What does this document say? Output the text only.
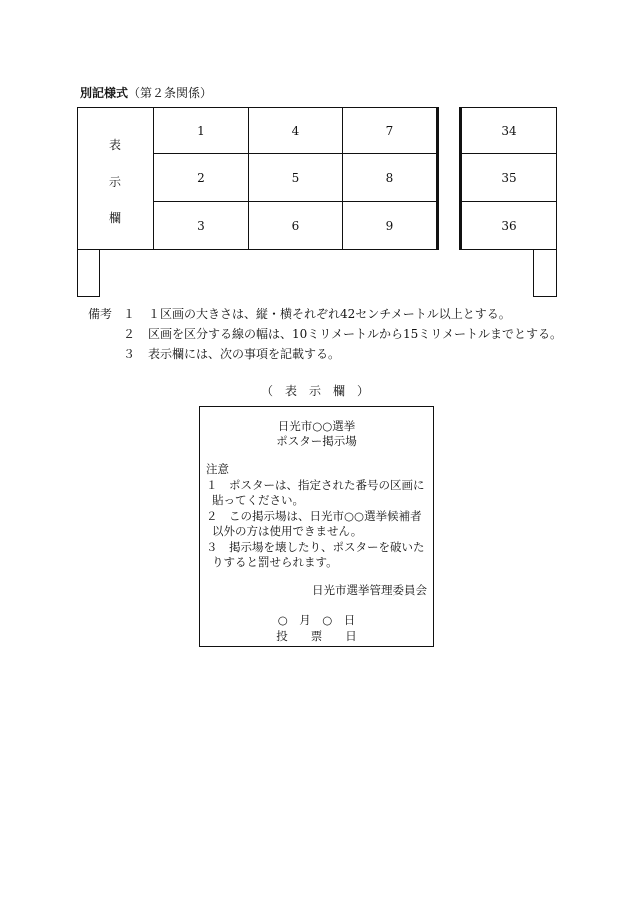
別記様式（第２条関係）
表
示
欄
1	4	7	34
2	5	8	35
3	6	9	36
備考 １ １区画の大きさは、縦・横それぞれ42センチメートル以上とする。
２ 区画を区分する線の幅は、10ミリメートルから15ミリメートルまでとする。
３ 表示欄には、次の事項を記載する。
（　表　示　欄　）
日光市○○選挙
ポスター掲示場
注意
１　ポスターは、指定された番号の区画に
貼ってください。
２　この掲示場は、日光市○○選挙候補者
以外の方は使用できません。
３　掲示場を壊したり、ポスターを破いた
りすると罰せられます。
日光市選挙管理委員会
○　月　○　日
投　　票　　日
